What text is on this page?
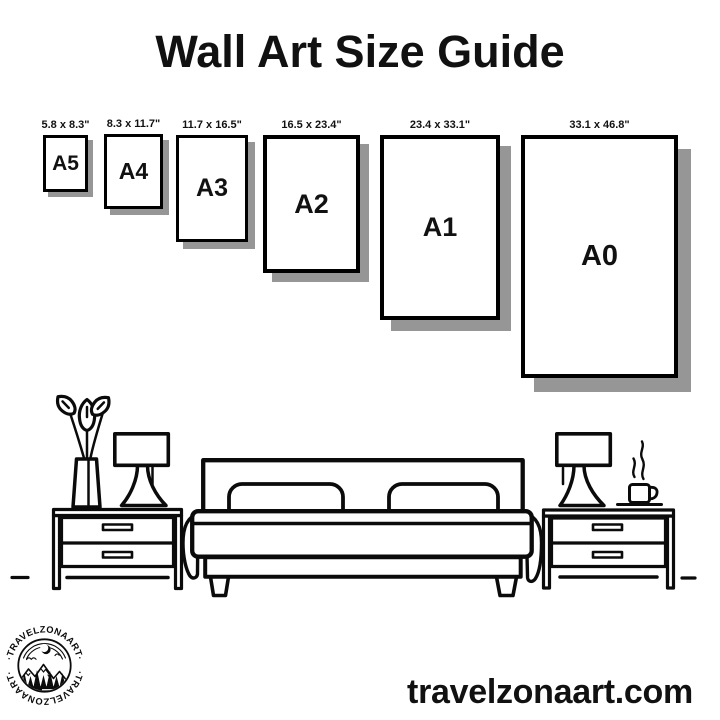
Wall Art Size Guide
5.8 x 8.3"
A5
8.3 x 11.7"
A4
11.7 x 16.5"
A3
16.5 x 23.4"
A2
23.4 x 33.1"
A1
33.1 x 46.8"
A0
·TRAVELZONAART·
·TRAVELZONAART·
travelzonaart.com
